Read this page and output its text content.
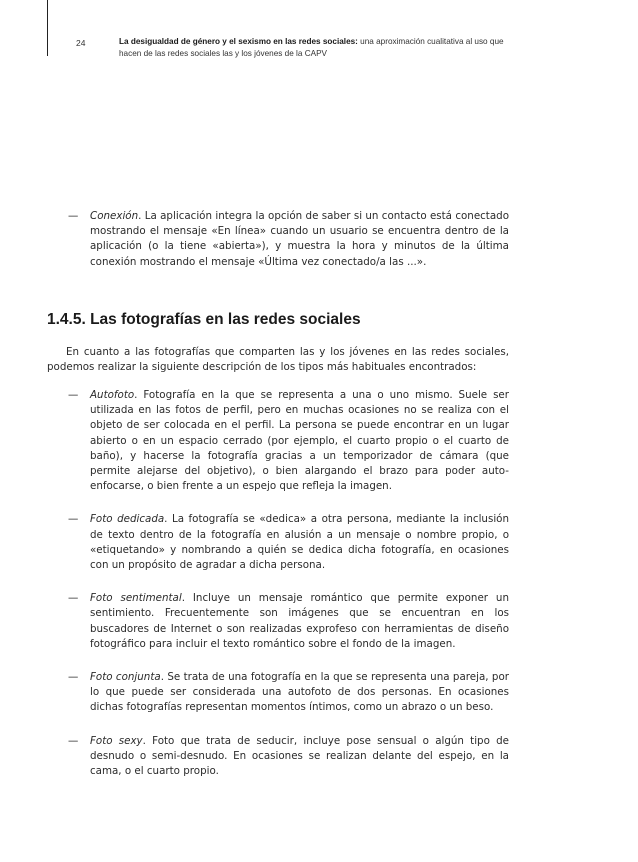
24	La desigualdad de género y el sexismo en las redes sociales: una aproximación cualitativa al uso que hacen de las redes sociales las y los jóvenes de la CAPV
— Conexión. La aplicación integra la opción de saber si un contacto está conectado mostrando el mensaje «En línea» cuando un usuario se encuentra dentro de la aplicación (o la tiene «abierta»), y muestra la hora y minutos de la última conexión mostrando el mensaje «Última vez conectado/a las ...».
1.4.5. Las fotografías en las redes sociales
En cuanto a las fotografías que comparten las y los jóvenes en las redes sociales, podemos realizar la siguiente descripción de los tipos más habituales encontrados:
— Autofoto. Fotografía en la que se representa a una o uno mismo. Suele ser utilizada en las fotos de perfil, pero en muchas ocasiones no se realiza con el objeto de ser colocada en el perfil. La persona se puede encontrar en un lugar abierto o en un espacio cerrado (por ejemplo, el cuarto propio o el cuarto de baño), y hacerse la fotografía gracias a un temporizador de cámara (que permite alejarse del objetivo), o bien alargando el brazo para poder auto-enfocarse, o bien frente a un espejo que refleja la imagen.
— Foto dedicada. La fotografía se «dedica» a otra persona, mediante la inclusión de texto dentro de la fotografía en alusión a un mensaje o nombre propio, o «etiquetando» y nombrando a quién se dedica dicha fotografía, en ocasiones con un propósito de agradar a dicha persona.
— Foto sentimental. Incluye un mensaje romántico que permite exponer un sentimiento. Frecuentemente son imágenes que se encuentran en los buscadores de Internet o son realizadas exprofeso con herramientas de diseño fotográfico para incluir el texto romántico sobre el fondo de la imagen.
— Foto conjunta. Se trata de una fotografía en la que se representa una pareja, por lo que puede ser considerada una autofoto de dos personas. En ocasiones dichas fotografías representan momentos íntimos, como un abrazo o un beso.
— Foto sexy. Foto que trata de seducir, incluye pose sensual o algún tipo de desnudo o semi-desnudo. En ocasiones se realizan delante del espejo, en la cama, o el cuarto propio.
